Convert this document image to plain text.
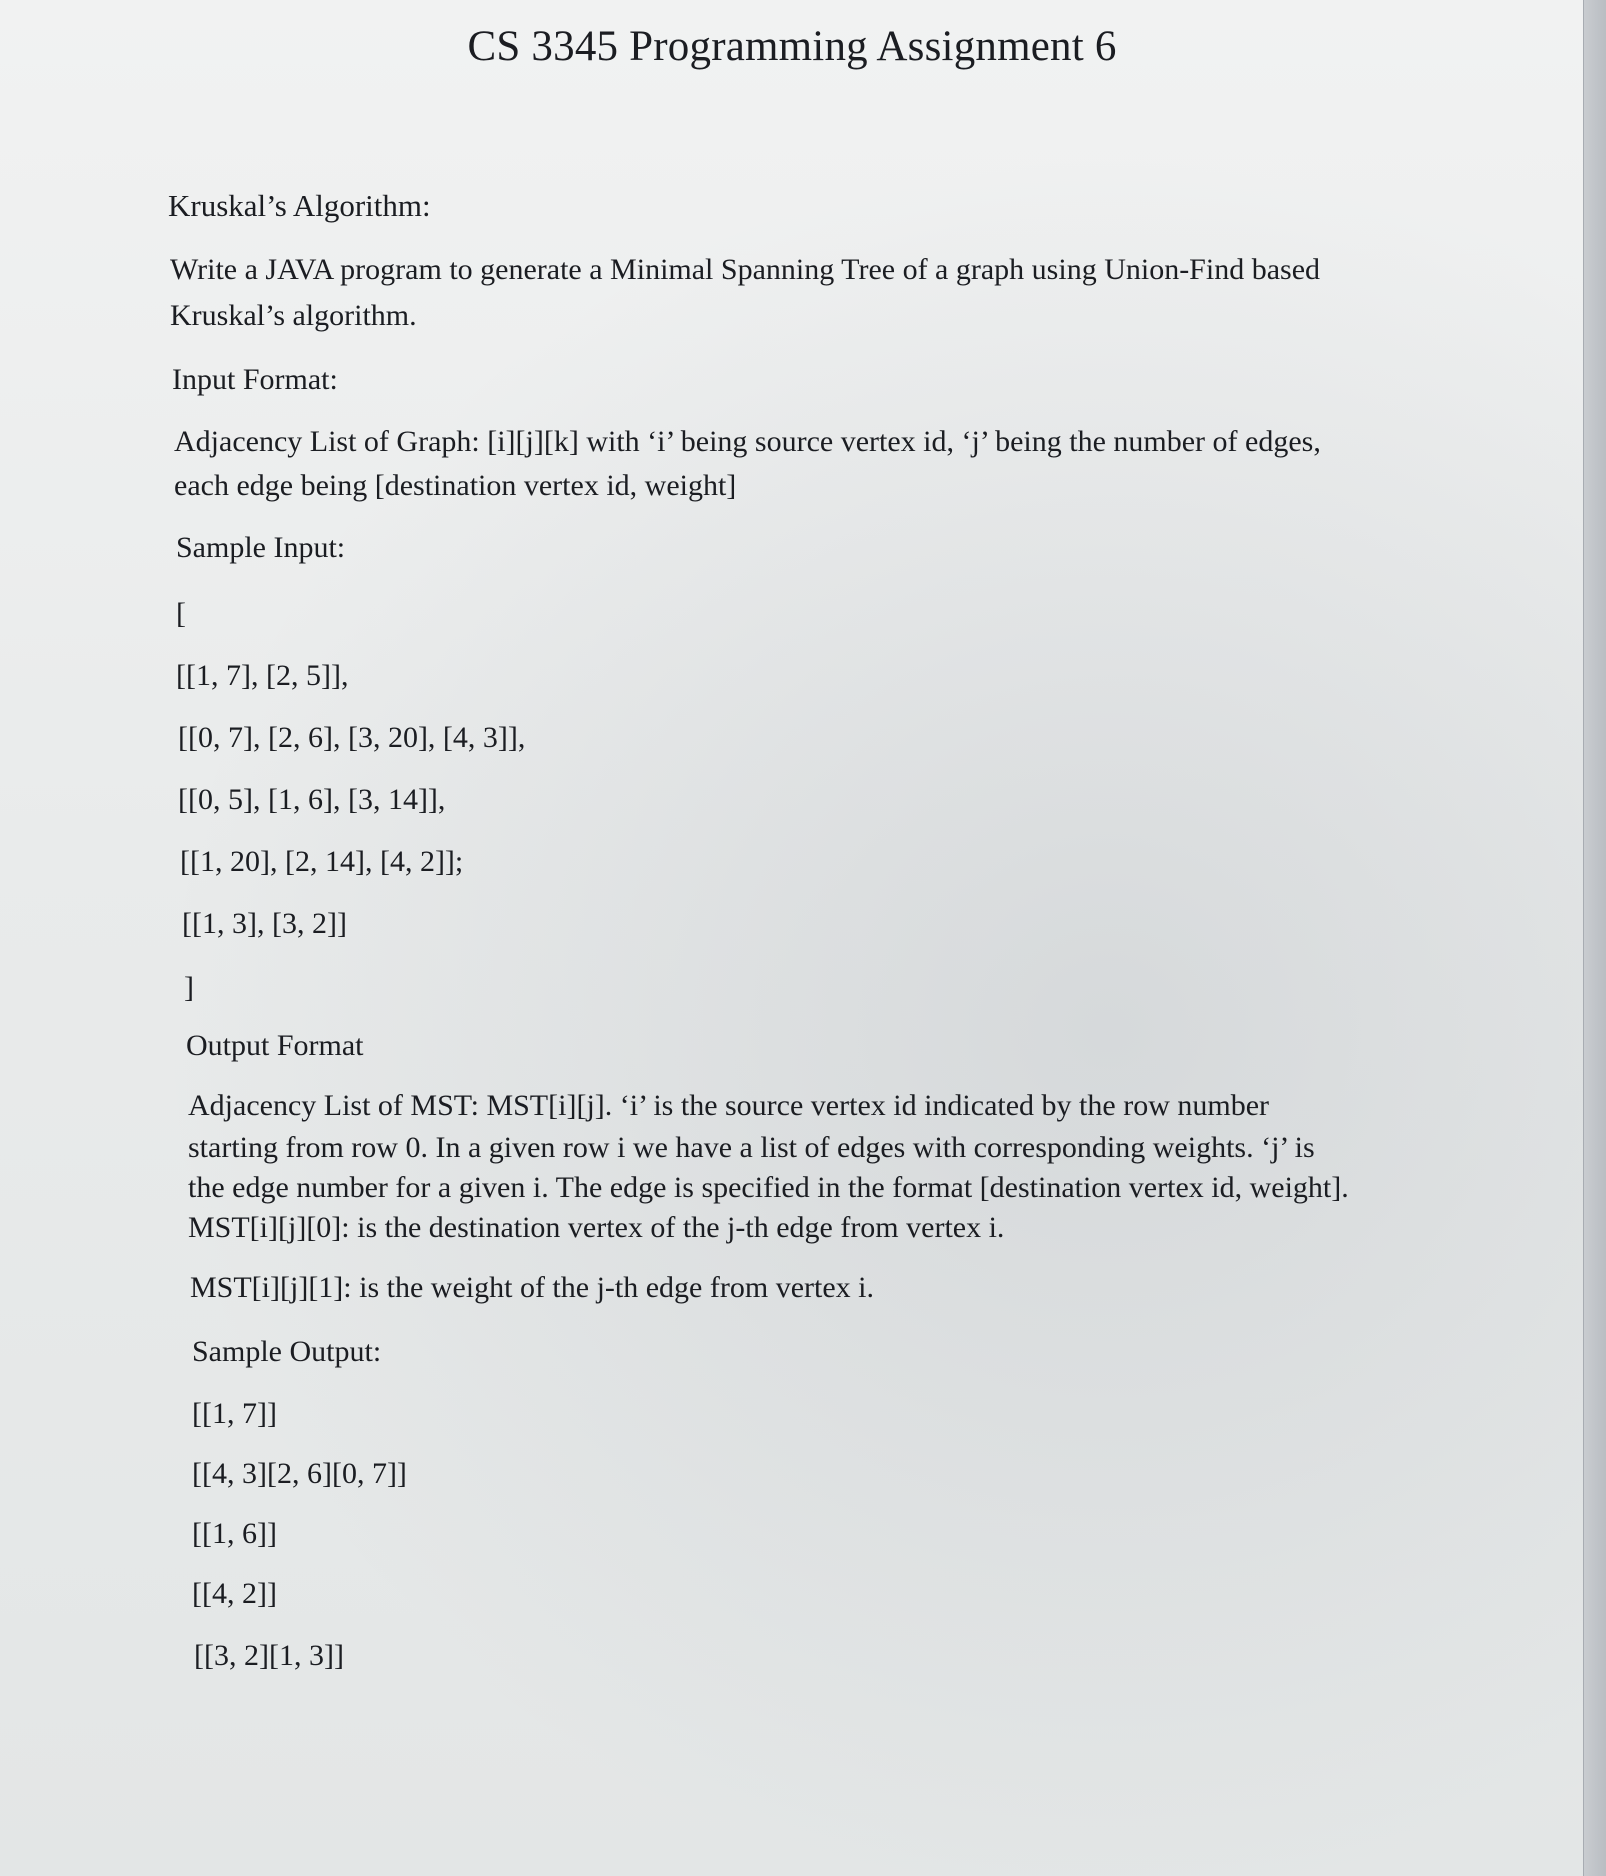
CS 3345 Programming Assignment 6

Kruskal’s Algorithm:

Write a JAVA program to generate a Minimal Spanning Tree of a graph using Union-Find based

Kruskal’s algorithm.

Input Format:

Adjacency List of Graph: [i][j][k] with ‘i’ being source vertex id, ‘j’ being the number of edges,

each edge being [destination vertex id, weight]

Sample Input:

[

[[1, 7], [2, 5]],

[[0, 7], [2, 6], [3, 20], [4, 3]],

[[0, 5], [1, 6], [3, 14]],

[[1, 20], [2, 14], [4, 2]];

[[1, 3], [3, 2]]

]

Output Format

Adjacency List of MST: MST[i][j]. ‘i’ is the source vertex id indicated by the row number

starting from row 0. In a given row i we have a list of edges with corresponding weights. ‘j’ is

the edge number for a given i. The edge is specified in the format [destination vertex id, weight].

MST[i][j][0]: is the destination vertex of the j-th edge from vertex i.

MST[i][j][1]: is the weight of the j-th edge from vertex i.

Sample Output:

[[1, 7]]

[[4, 3][2, 6][0, 7]]

[[1, 6]]

[[4, 2]]

[[3, 2][1, 3]]
